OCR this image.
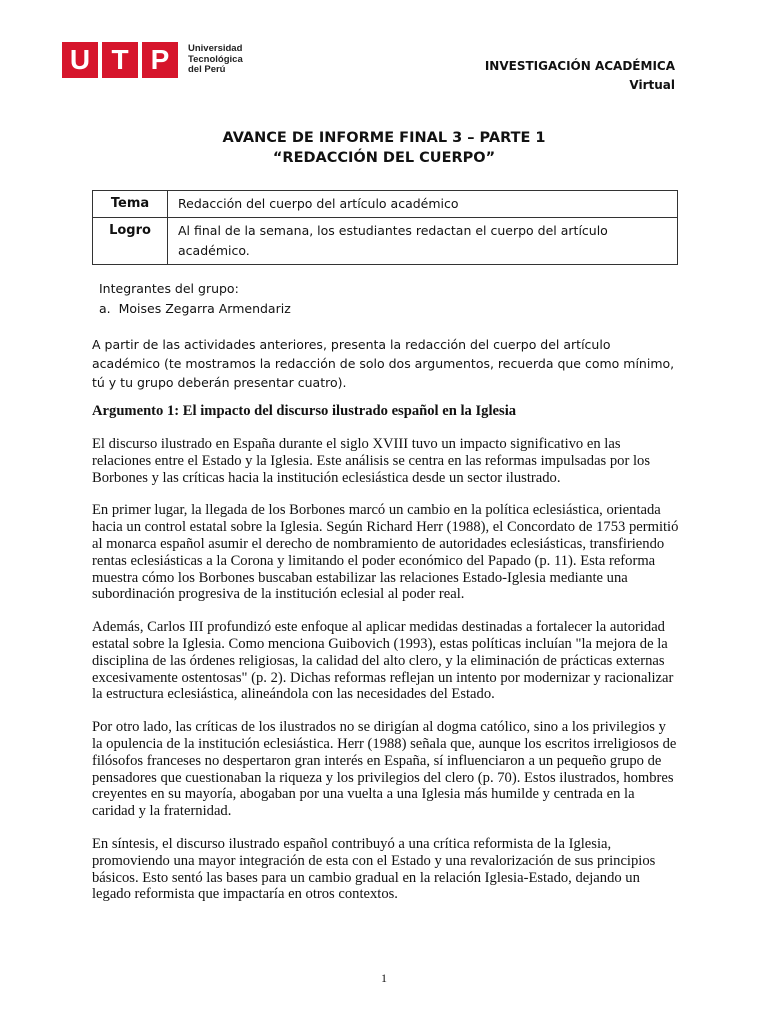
U T P	Universidad
Tecnológica
del Perú	INVESTIGACIÓN ACADÉMICA
Virtual
AVANCE DE INFORME FINAL 3 – PARTE 1
“REDACCIÓN DEL CUERPO”
Tema	Redacción del cuerpo del artículo académico
Logro	Al final de la semana, los estudiantes redactan el cuerpo del artículo académico.
Integrantes del grupo:
a. Moises Zegarra Armendariz
A partir de las actividades anteriores, presenta la redacción del cuerpo del artículo académico (te mostramos la redacción de solo dos argumentos, recuerda que como mínimo, tú y tu grupo deberán presentar cuatro).
Argumento 1: El impacto del discurso ilustrado español en la Iglesia

El discurso ilustrado en España durante el siglo XVIII tuvo un impacto significativo en las relaciones entre el Estado y la Iglesia. Este análisis se centra en las reformas impulsadas por los Borbones y las críticas hacia la institución eclesiástica desde un sector ilustrado.

En primer lugar, la llegada de los Borbones marcó un cambio en la política eclesiástica, orientada hacia un control estatal sobre la Iglesia. Según Richard Herr (1988), el Concordato de 1753 permitió al monarca español asumir el derecho de nombramiento de autoridades eclesiásticas, transfiriendo rentas eclesiásticas a la Corona y limitando el poder económico del Papado (p. 11). Esta reforma muestra cómo los Borbones buscaban estabilizar las relaciones Estado-Iglesia mediante una subordinación progresiva de la institución eclesial al poder real.

Además, Carlos III profundizó este enfoque al aplicar medidas destinadas a fortalecer la autoridad estatal sobre la Iglesia. Como menciona Guibovich (1993), estas políticas incluían "la mejora de la disciplina de las órdenes religiosas, la calidad del alto clero, y la eliminación de prácticas externas excesivamente ostentosas" (p. 2). Dichas reformas reflejan un intento por modernizar y racionalizar la estructura eclesiástica, alineándola con las necesidades del Estado.

Por otro lado, las críticas de los ilustrados no se dirigían al dogma católico, sino a los privilegios y la opulencia de la institución eclesiástica. Herr (1988) señala que, aunque los escritos irreligiosos de filósofos franceses no despertaron gran interés en España, sí influenciaron a un pequeño grupo de pensadores que cuestionaban la riqueza y los privilegios del clero (p. 70). Estos ilustrados, hombres creyentes en su mayoría, abogaban por una vuelta a una Iglesia más humilde y centrada en la caridad y la fraternidad.

En síntesis, el discurso ilustrado español contribuyó a una crítica reformista de la Iglesia, promoviendo una mayor integración de esta con el Estado y una revalorización de sus principios básicos. Esto sentó las bases para un cambio gradual en la relación Iglesia-Estado, dejando un legado reformista que impactaría en otros contextos.

1
